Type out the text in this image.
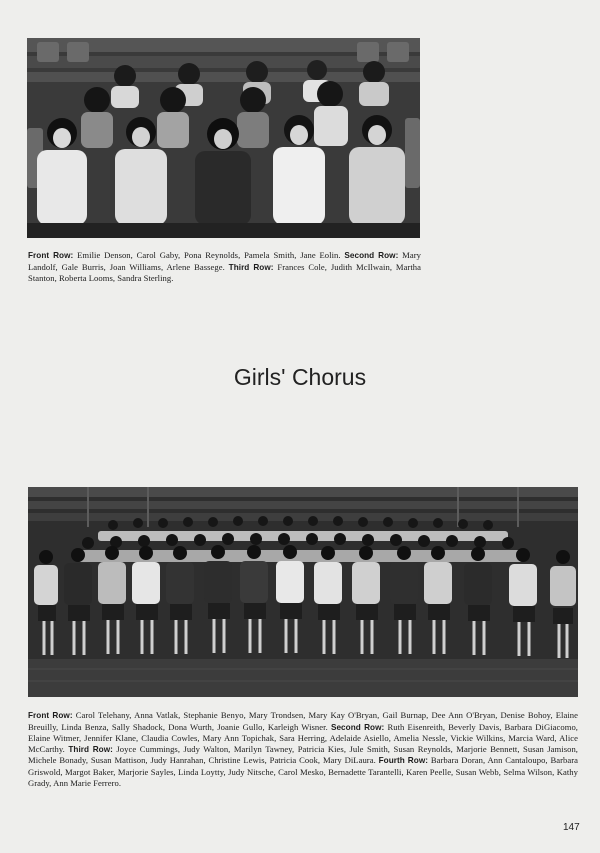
Front Row: Emilie Denson, Carol Gaby, Pona Reynolds, Pamela Smith, Jane Eolin. Second Row: Mary Landolf, Gale Burris, Joan Williams, Arlene Bassege. Third Row: Frances Cole, Judith McIlwain, Martha Stanton, Roberta Looms, Sandra Sterling.
Girls' Chorus
Front Row: Carol Telehany, Anna Vatlak, Stephanie Benyo, Mary Trondsen, Mary Kay O'Bryan, Gail Burnap, Dee Ann O'Bryan, Denise Bohoy, Elaine Breuilly, Linda Benza, Sally Shadock, Dona Wurth, Joanie Gullo, Karleigh Wisner. Second Row: Ruth Eisenreith, Beverly Davis, Barbara DiGiacomo, Elaine Witmer, Jennifer Klane, Claudia Cowles, Mary Ann Topichak, Sara Herring, Adelaide Asiello, Amelia Nessle, Vickie Wilkins, Marcia Ward, Alice McCarthy. Third Row: Joyce Cummings, Judy Walton, Marilyn Tawney, Patricia Kies, Jule Smith, Susan Reynolds, Marjorie Bennett, Susan Jamison, Michele Bonady, Susan Mattison, Judy Hanrahan, Christine Lewis, Patricia Cook, Mary DiLaura. Fourth Row: Barbara Doran, Ann Cantaloupo, Barbara Griswold, Margot Baker, Marjorie Sayles, Linda Loytty, Judy Nitsche, Carol Mesko, Bernadette Tarantelli, Karen Peelle, Susan Webb, Selma Wilson, Kathy Grady, Ann Marie Ferrero.
147
